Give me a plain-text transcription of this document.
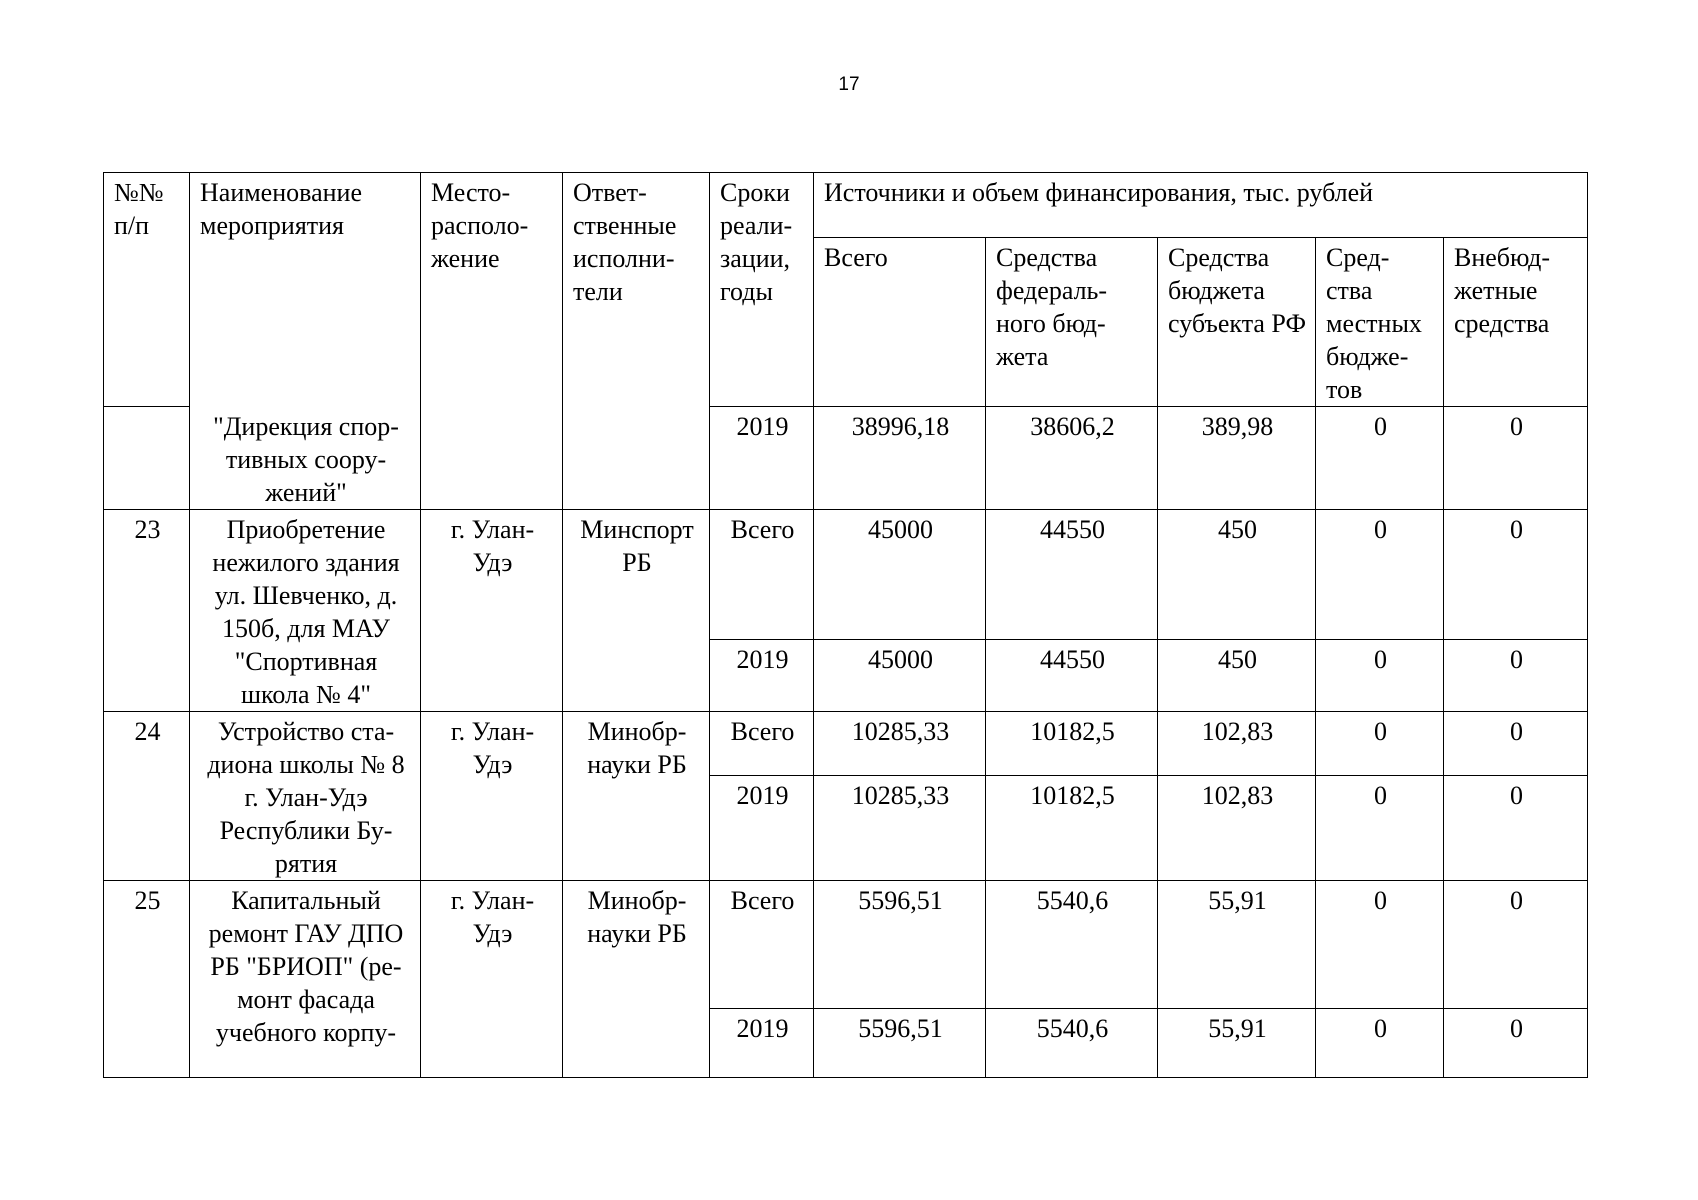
17
№№ п/п	Наименование мероприятия	Место-располо-жение	Ответ-ственные исполни-тели	Сроки реали-зации, годы	Источники и объем финансирования, тыс. рублей				
					Всего	Средства федераль-ного бюд-жета	Средства бюджета субъекта РФ	Сред-ства местных бюдже-тов	Внебюд-жетные средства
	"Дирекция спор-тивных соору-жений"			2019	38996,18	38606,2	389,98	0	0
23	Приобретение нежилого здания ул. Шевченко, д. 150б, для МАУ "Спортивная школа № 4"	г. Улан-Удэ	Минспорт РБ	Всего	45000	44550	450	0	0
				2019	45000	44550	450	0	0
24	Устройство ста-диона школы № 8 г. Улан-Удэ Республики Бу-рятия	г. Улан-Удэ	Минобр-науки РБ	Всего	10285,33	10182,5	102,83	0	0
				2019	10285,33	10182,5	102,83	0	0
25	Капитальный ремонт ГАУ ДПО РБ "БРИОП" (ре-монт фасада учебного корпу-	г. Улан-Удэ	Минобр-науки РБ	Всего	5596,51	5540,6	55,91	0	0
				2019	5596,51	5540,6	55,91	0	0
